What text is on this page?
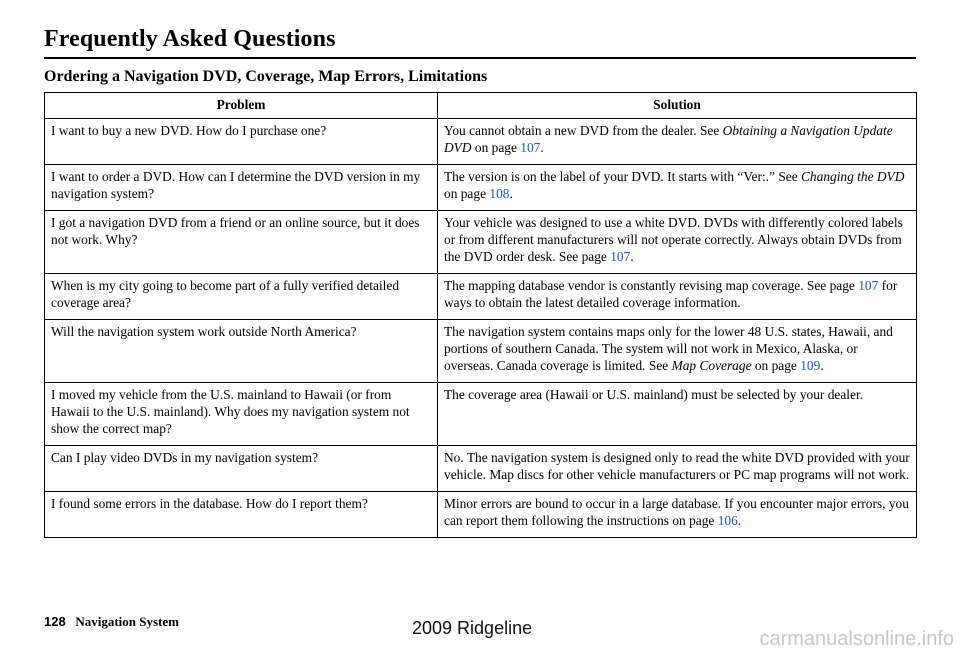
Frequently Asked Questions
Ordering a Navigation DVD, Coverage, Map Errors, Limitations
Problem	Solution
I want to buy a new DVD. How do I purchase one?	You cannot obtain a new DVD from the dealer. See Obtaining a Navigation Update DVD on page 107.
I want to order a DVD. How can I determine the DVD version in my navigation system?	The version is on the label of your DVD. It starts with “Ver:.” See Changing the DVD on page 108.
I got a navigation DVD from a friend or an online source, but it does not work. Why?	Your vehicle was designed to use a white DVD. DVDs with differently colored labels or from different manufacturers will not operate correctly. Always obtain DVDs from the DVD order desk. See page 107.
When is my city going to become part of a fully verified detailed coverage area?	The mapping database vendor is constantly revising map coverage. See page 107 for ways to obtain the latest detailed coverage information.
Will the navigation system work outside North America?	The navigation system contains maps only for the lower 48 U.S. states, Hawaii, and portions of southern Canada. The system will not work in Mexico, Alaska, or overseas. Canada coverage is limited. See Map Coverage on page 109.
I moved my vehicle from the U.S. mainland to Hawaii (or from Hawaii to the U.S. mainland). Why does my navigation system not show the correct map?	The coverage area (Hawaii or U.S. mainland) must be selected by your dealer.
Can I play video DVDs in my navigation system?	No. The navigation system is designed only to read the white DVD provided with your vehicle. Map discs for other vehicle manufacturers or PC map programs will not work.
I found some errors in the database. How do I report them?	Minor errors are bound to occur in a large database. If you encounter major errors, you can report them following the instructions on page 106.
128 Navigation System	2009 Ridgeline	carmanualsonline.info
